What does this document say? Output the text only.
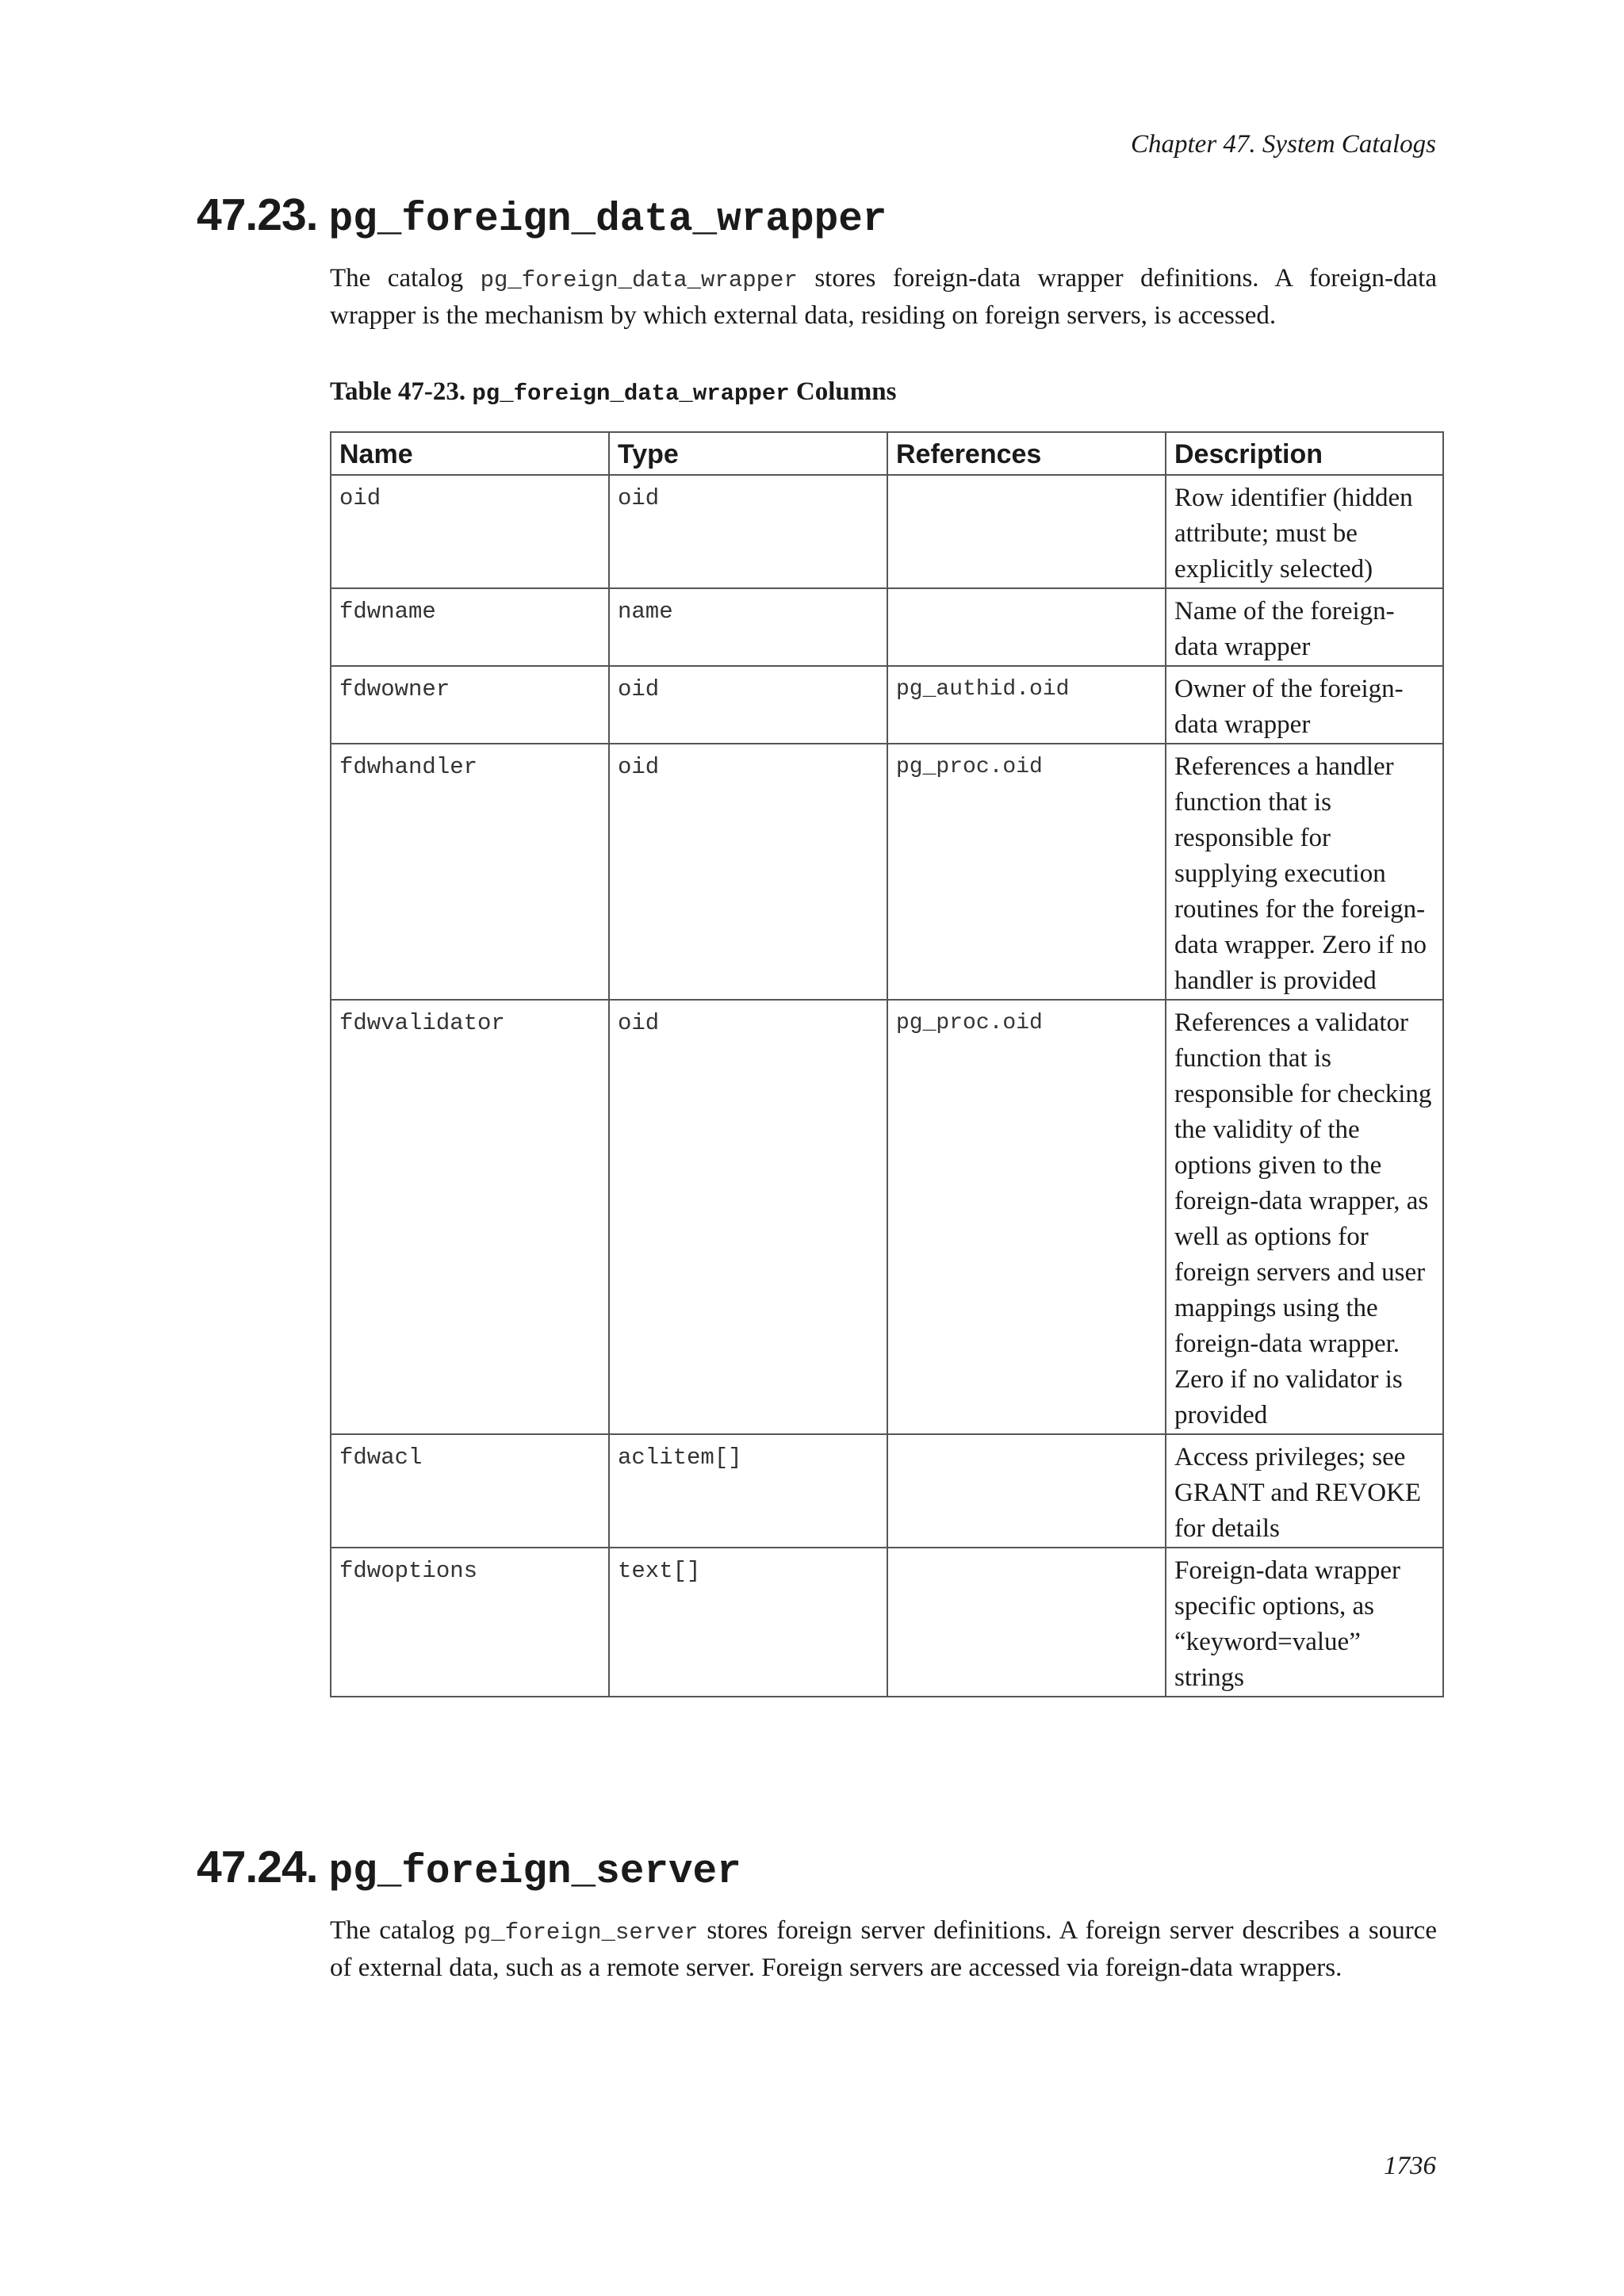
Chapter 47. System Catalogs
47.23. pg_foreign_data_wrapper

The catalog pg_foreign_data_wrapper stores foreign-data wrapper definitions. A foreign-data wrapper is the mechanism by which external data, residing on foreign servers, is accessed.

Table 47-23. pg_foreign_data_wrapper Columns

Name	Type	References	Description
oid	oid		Row identifier (hidden attribute; must be explicitly selected)
fdwname	name		Name of the foreign-data wrapper
fdwowner	oid	pg_authid.oid	Owner of the foreign-data wrapper
fdwhandler	oid	pg_proc.oid	References a handler function that is responsible for supplying execution routines for the foreign-data wrapper. Zero if no handler is provided
fdwvalidator	oid	pg_proc.oid	References a validator function that is responsible for checking the validity of the options given to the foreign-data wrapper, as well as options for foreign servers and user mappings using the foreign-data wrapper. Zero if no validator is provided
fdwacl	aclitem[]		Access privileges; see GRANT and REVOKE for details
fdwoptions	text[]		Foreign-data wrapper specific options, as “keyword=value” strings
47.24. pg_foreign_server

The catalog pg_foreign_server stores foreign server definitions. A foreign server describes a source of external data, such as a remote server. Foreign servers are accessed via foreign-data wrappers.

1736
